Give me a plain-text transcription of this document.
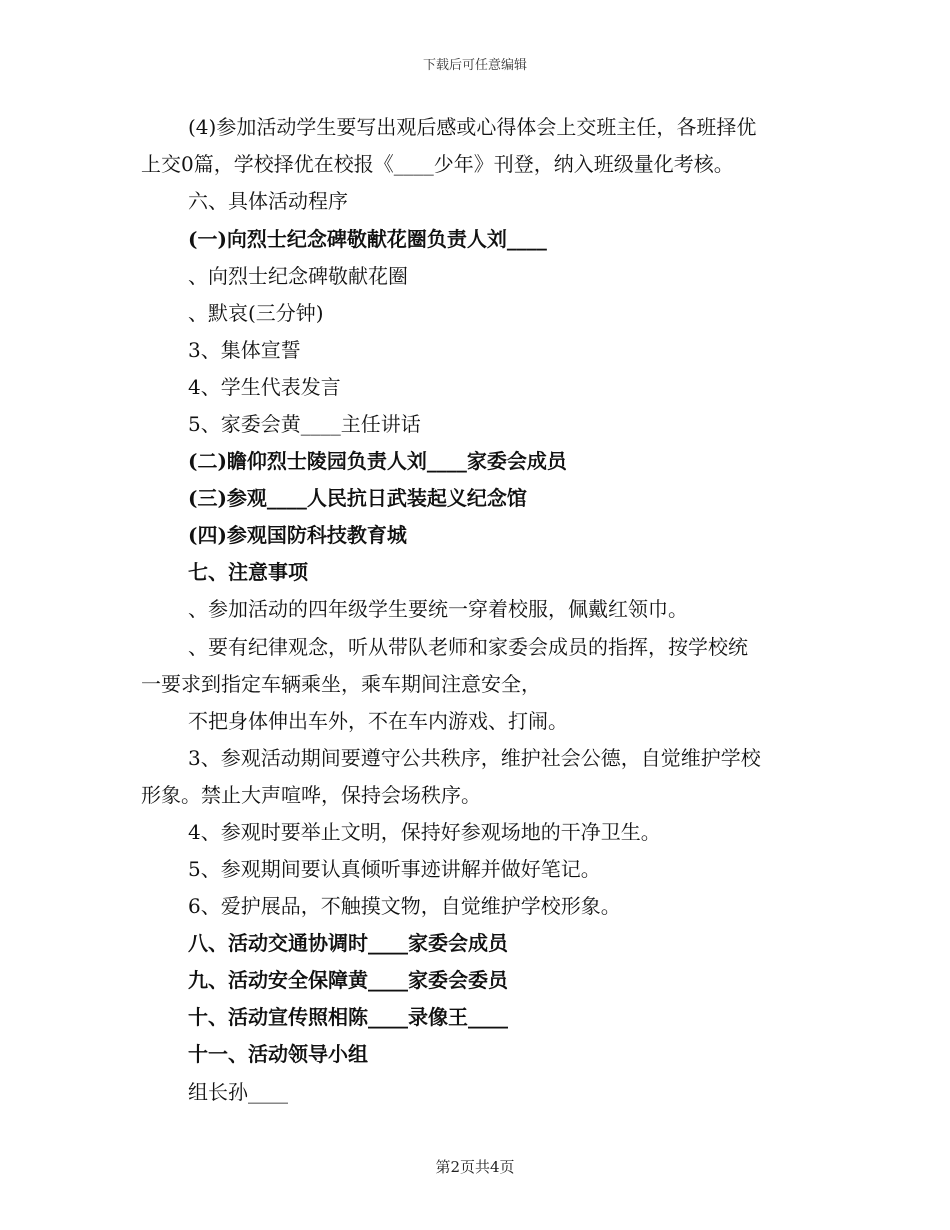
下载后可任意编辑
(4)参加活动学生要写出观后感或心得体会上交班主任，各班择优
上交0篇，学校择优在校报《____少年》刊登，纳入班级量化考核。
六、具体活动程序
(一)向烈士纪念碑敬献花圈负责人刘____
、向烈士纪念碑敬献花圈
、默哀(三分钟)
3、集体宣誓
4、学生代表发言
5、家委会黄____主任讲话
(二)瞻仰烈士陵园负责人刘____家委会成员
(三)参观____人民抗日武装起义纪念馆
(四)参观国防科技教育城
七、注意事项
、参加活动的四年级学生要统一穿着校服，佩戴红领巾。
、要有纪律观念，听从带队老师和家委会成员的指挥，按学校统
一要求到指定车辆乘坐，乘车期间注意安全，
不把身体伸出车外，不在车内游戏、打闹。
3、参观活动期间要遵守公共秩序，维护社会公德，自觉维护学校
形象。禁止大声喧哗，保持会场秩序。
4、参观时要举止文明，保持好参观场地的干净卫生。
5、参观期间要认真倾听事迹讲解并做好笔记。
6、爱护展品，不触摸文物，自觉维护学校形象。
八、活动交通协调时____家委会成员
九、活动安全保障黄____家委会委员
十、活动宣传照相陈____录像王____
十一、活动领导小组
组长孙____
第2页共4页
